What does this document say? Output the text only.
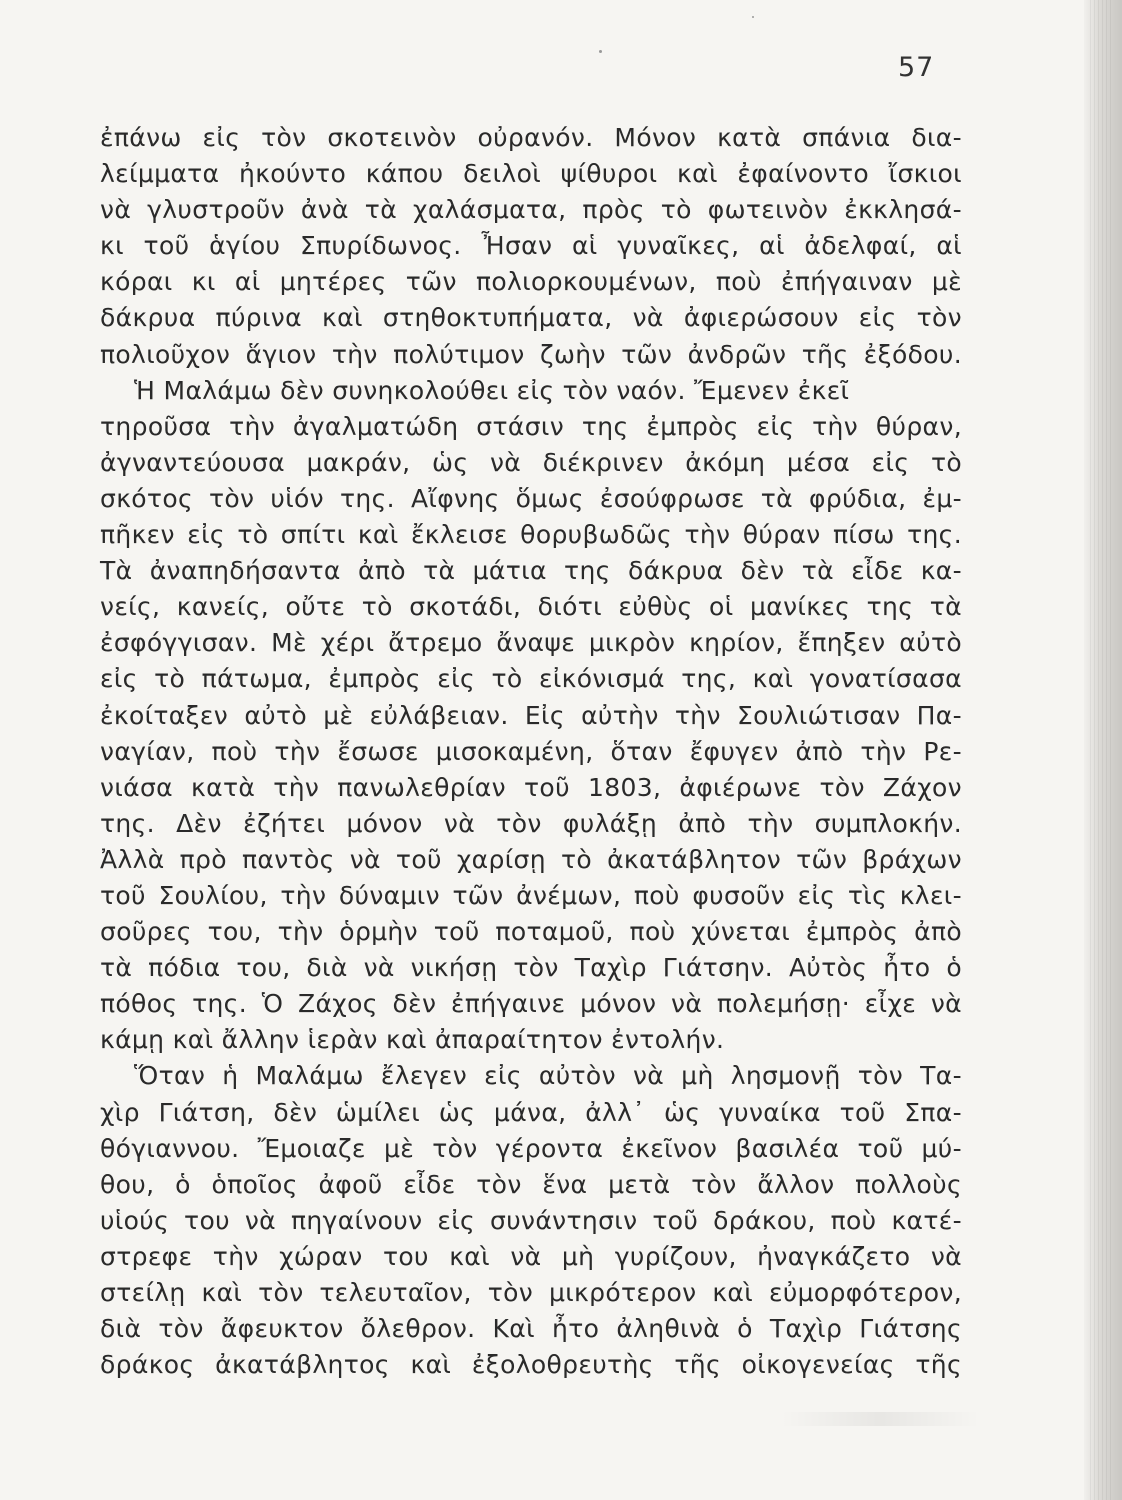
57
ἐπάνω εἰς τὸν σκοτεινὸν οὐρανόν. Μόνον κατὰ σπάνια δια-
λείμματα ἠκούντο κάπου δειλοὶ ψίθυροι καὶ ἐφαίνοντο ἴσκιοι
νὰ γλυστροῦν ἀνὰ τὰ χαλάσματα, πρὸς τὸ φωτεινὸν ἐκκλησά-
κι τοῦ ἁγίου Σπυρίδωνος. Ἦσαν αἱ γυναῖκες, αἱ ἀδελφαί, αἱ
κόραι κι αἱ μητέρες τῶν πολιορκουμένων, ποὺ ἐπήγαιναν μὲ
δάκρυα πύρινα καὶ στηθοκτυπήματα, νὰ ἀφιερώσουν εἰς τὸν
πολιοῦχον ἅγιον τὴν πολύτιμον ζωὴν τῶν ἀνδρῶν τῆς ἐξόδου.
Ἡ Μαλάμω δὲν συνηκολούθει εἰς τὸν ναόν. Ἔμενεν ἐκεῖ
τηροῦσα τὴν ἀγαλματώδη στάσιν της ἐμπρὸς εἰς τὴν θύραν,
ἀγναντεύουσα μακράν, ὡς νὰ διέκρινεν ἀκόμη μέσα εἰς τὸ
σκότος τὸν υἱόν της. Αἴφνης ὅμως ἐσούφρωσε τὰ φρύδια, ἐμ-
πῆκεν εἰς τὸ σπίτι καὶ ἔκλεισε θορυβωδῶς τὴν θύραν πίσω της.
Τὰ ἀναπηδήσαντα ἀπὸ τὰ μάτια της δάκρυα δὲν τὰ εἶδε κα-
νείς, κανείς, οὔτε τὸ σκοτάδι, διότι εὐθὺς οἱ μανίκες της τὰ
ἐσφόγγισαν. Μὲ χέρι ἄτρεμο ἄναψε μικρὸν κηρίον, ἔπηξεν αὐτὸ
εἰς τὸ πάτωμα, ἐμπρὸς εἰς τὸ εἰκόνισμά της, καὶ γονατίσασα
ἐκοίταξεν αὐτὸ μὲ εὐλάβειαν. Εἰς αὐτὴν τὴν Σουλιώτισαν Πα-
ναγίαν, ποὺ τὴν ἔσωσε μισοκαμένη, ὅταν ἔφυγεν ἀπὸ τὴν Ρε-
νιάσα κατὰ τὴν πανωλεθρίαν τοῦ 1803, ἀφιέρωνε τὸν Ζάχον
της. Δὲν ἐζήτει μόνον νὰ τὸν φυλάξῃ ἀπὸ τὴν συμπλοκήν.
Ἀλλὰ πρὸ παντὸς νὰ τοῦ χαρίσῃ τὸ ἀκατάβλητον τῶν βράχων
τοῦ Σουλίου, τὴν δύναμιν τῶν ἀνέμων, ποὺ φυσοῦν εἰς τὶς κλει-
σοῦρες του, τὴν ὁρμὴν τοῦ ποταμοῦ, ποὺ χύνεται ἐμπρὸς ἀπὸ
τὰ πόδια του, διὰ νὰ νικήσῃ τὸν Ταχὶρ Γιάτσην. Αὐτὸς ἦτο ὁ
πόθος της. Ὁ Ζάχος δὲν ἐπήγαινε μόνον νὰ πολεμήσῃ· εἶχε νὰ
κάμῃ καὶ ἄλλην ἱερὰν καὶ ἀπαραίτητον ἐντολήν.
Ὅταν ἡ Μαλάμω ἔλεγεν εἰς αὐτὸν νὰ μὴ λησμονῇ τὸν Τα-
χὶρ Γιάτση, δὲν ὡμίλει ὡς μάνα, ἀλλ᾽ ὡς γυναίκα τοῦ Σπα-
θόγιαννου. Ἔμοιαζε μὲ τὸν γέροντα ἐκεῖνον βασιλέα τοῦ μύ-
θου, ὁ ὁποῖος ἀφοῦ εἶδε τὸν ἕνα μετὰ τὸν ἄλλον πολλοὺς
υἱούς του νὰ πηγαίνουν εἰς συνάντησιν τοῦ δράκου, ποὺ κατέ-
στρεφε τὴν χώραν του καὶ νὰ μὴ γυρίζουν, ἠναγκάζετο νὰ
στείλῃ καὶ τὸν τελευταῖον, τὸν μικρότερον καὶ εὐμορφότερον,
διὰ τὸν ἄφευκτον ὄλεθρον. Καὶ ἦτο ἀληθινὰ ὁ Ταχὶρ Γιάτσης
δράκος ἀκατάβλητος καὶ ἐξολοθρευτὴς τῆς οἰκογενείας τῆς
